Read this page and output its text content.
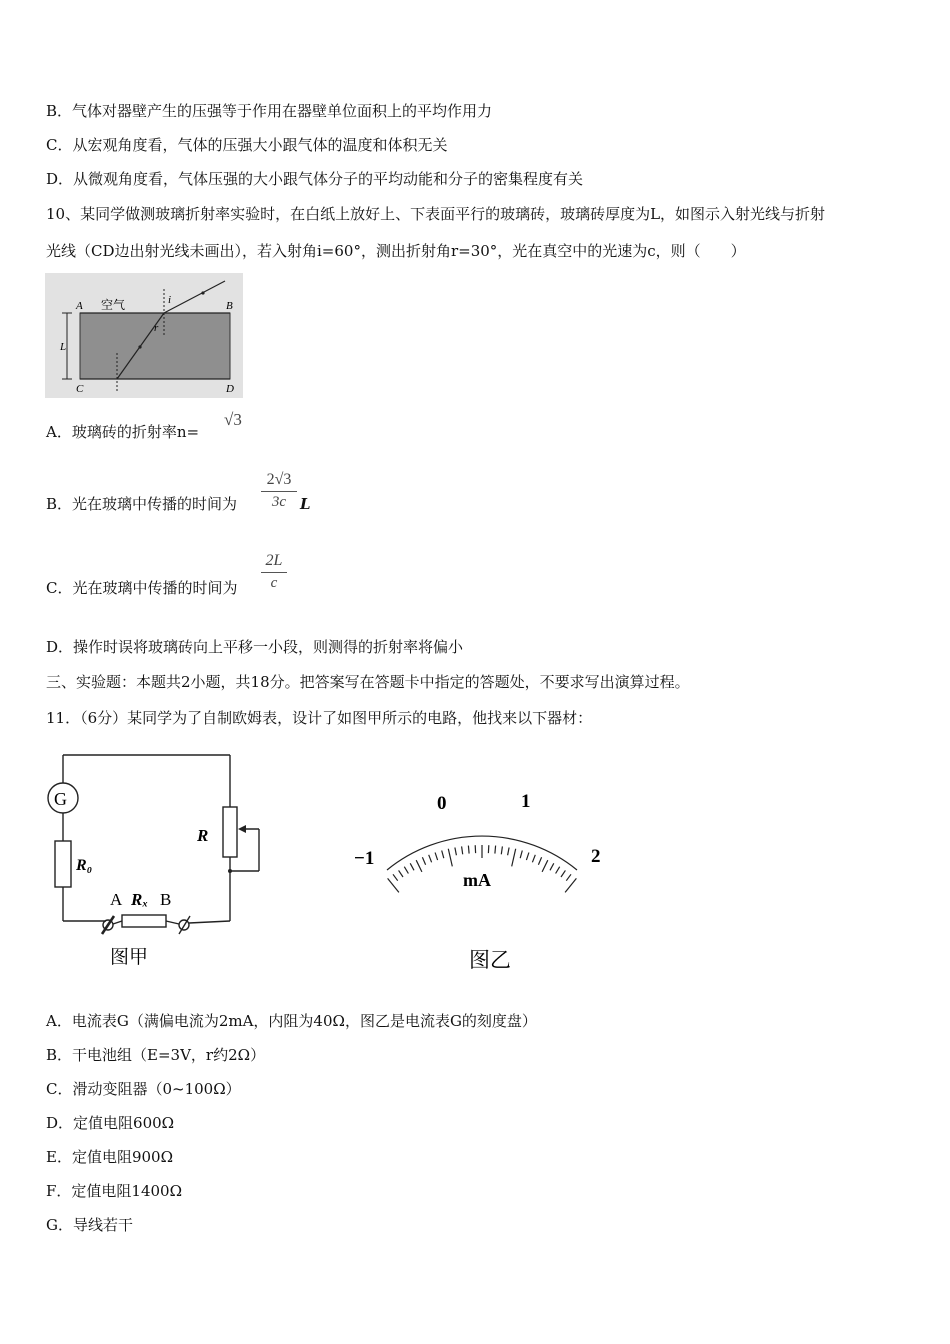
B．气体对器壁产生的压强等于作用在器壁单位面积上的平均作用力
C．从宏观角度看，气体的压强大小跟气体的温度和体积无关
D．从微观角度看，气体压强的大小跟气体分子的平均动能和分子的密集程度有关
10、某同学做测玻璃折射率实验时，在白纸上放好上、下表面平行的玻璃砖，玻璃砖厚度为L，如图示入射光线与折射
光线（CD边出射光线未画出），若入射角i=60°，测出折射角r=30°，光在真空中的光速为c，则（　　）
A	B
C	D
空气	i
r
L
A．玻璃砖的折射率n=
√3
B．光在玻璃中传播的时间为
2√3
3c L
C．光在玻璃中传播的时间为
2L
c
D．操作时误将玻璃砖向上平移一小段，则测得的折射率将偏小
三、实验题：本题共2小题，共18分。把答案写在答题卡中指定的答题处，不要求写出演算过程。
11．（6分）某同学为了自制欧姆表，设计了如图甲所示的电路，他找来以下器材：
G
R₀
R
A Rₓ B
图甲
0	1
−1	2
mA
图乙
A．电流表G（满偏电流为2mA，内阻为40Ω，图乙是电流表G的刻度盘）
B．干电池组（E=3V，r约2Ω）
C．滑动变阻器（0~100Ω）
D．定值电阻600Ω
E．定值电阻900Ω
F．定值电阻1400Ω
G．导线若干
